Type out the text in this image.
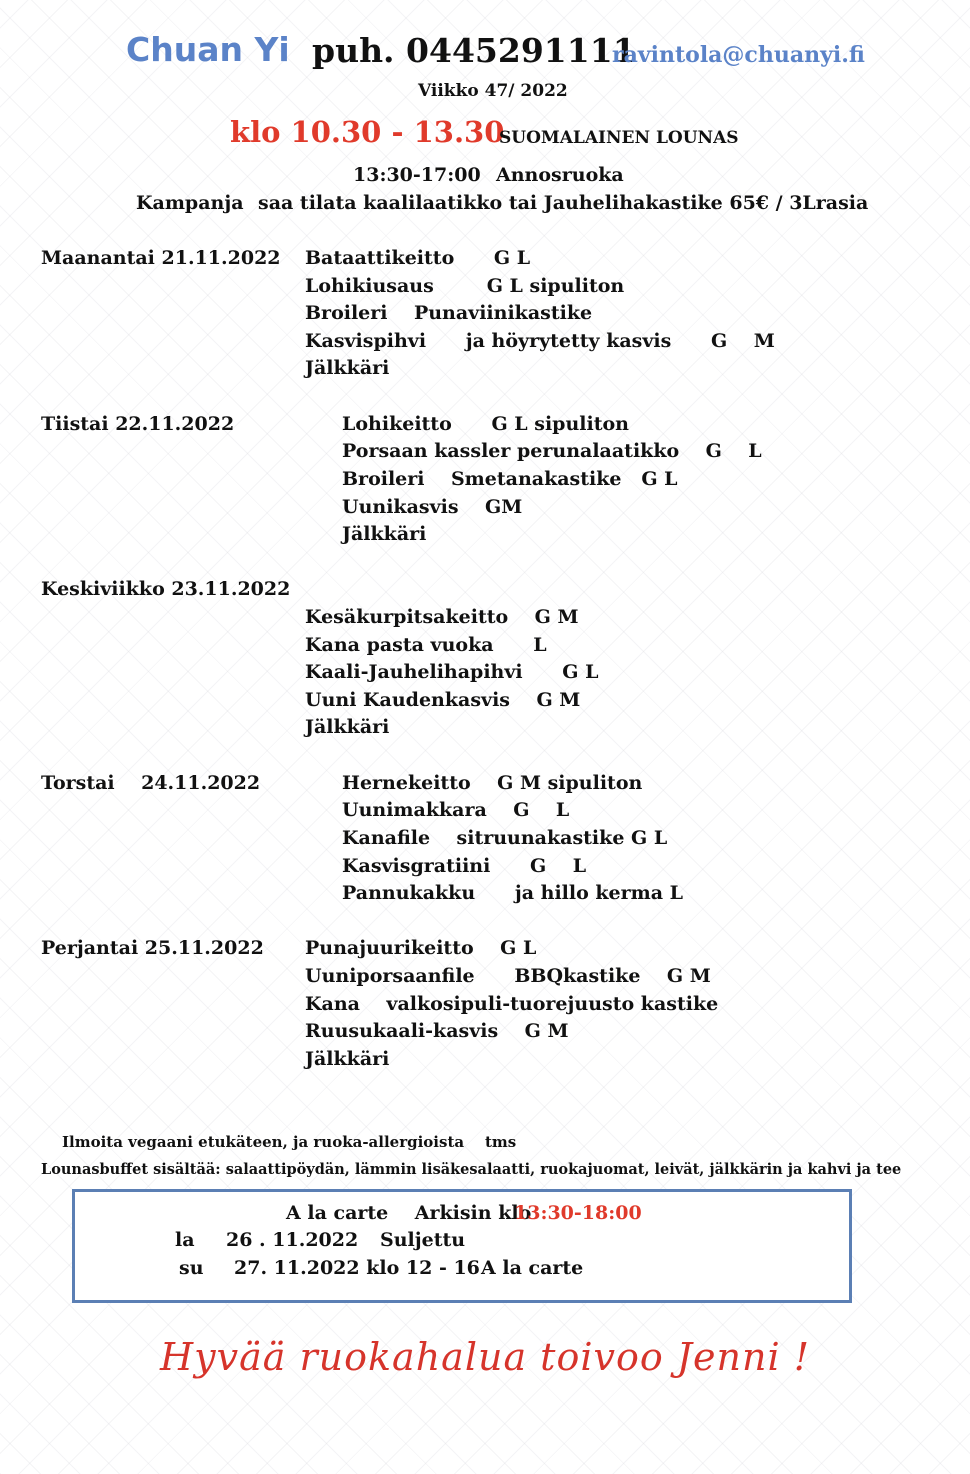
Chuan Yi puh. 0445291111
ravintola@chuanyi.fi
Viikko 47/ 2022
klo 10.30 - 13.30
SUOMALAINEN LOUNAS
13:30-17:00 Annosruoka
Kampanja saa tilata kaalilaatikko tai Jauhelihakastike 65€ / 3Lrasia
Maanantai 21.11.2022 Bataattikeitto      G L
Lohikiusaus        G L sipuliton
Broileri    Punaviinikastike
Kasvispihvi      ja höyrytetty kasvis      G    M
Jälkkäri
Tiistai 22.11.2022	Lohikeitto      G L sipuliton
Porsaan kassler perunalaatikko    G    L
Broileri    Smetanakastike   G L
Uunikasvis    GM
Jälkkäri
Keskiviikko 23.11.2022
Kesäkurpitsakeitto    G M
Kana pasta vuoka      L
Kaali-Jauhelihapihvi      G L
Uuni Kaudenkasvis    G M
Jälkkäri
Torstai    24.11.2022	Hernekeitto    G M sipuliton
Uunimakkara    G    L
Kanafile    sitruunakastike G L
Kasvisgratiini      G    L
Pannukakku      ja hillo kerma L
Perjantai 25.11.2022 Punajuurikeitto    G L
Uuniporsaanfile      BBQkastike    G M
Kana    valkosipuli-tuorejuusto kastike
Ruusukaali-kasvis    G M
Jälkkäri
Ilmoita vegaani etukäteen, ja ruoka-allergioista    tms
Lounasbuffet sisältää: salaattipöydän, lämmin lisäkesalaatti, ruokajuomat, leivät, jälkkärin ja kahvi ja tee
A la carte    Arkisin klo
13:30-18:00
la 26 . 11.2022 Suljettu
su 27. 11.2022 klo 12 - 16 A la carte
Hyvää ruokahalua toivoo Jenni !
